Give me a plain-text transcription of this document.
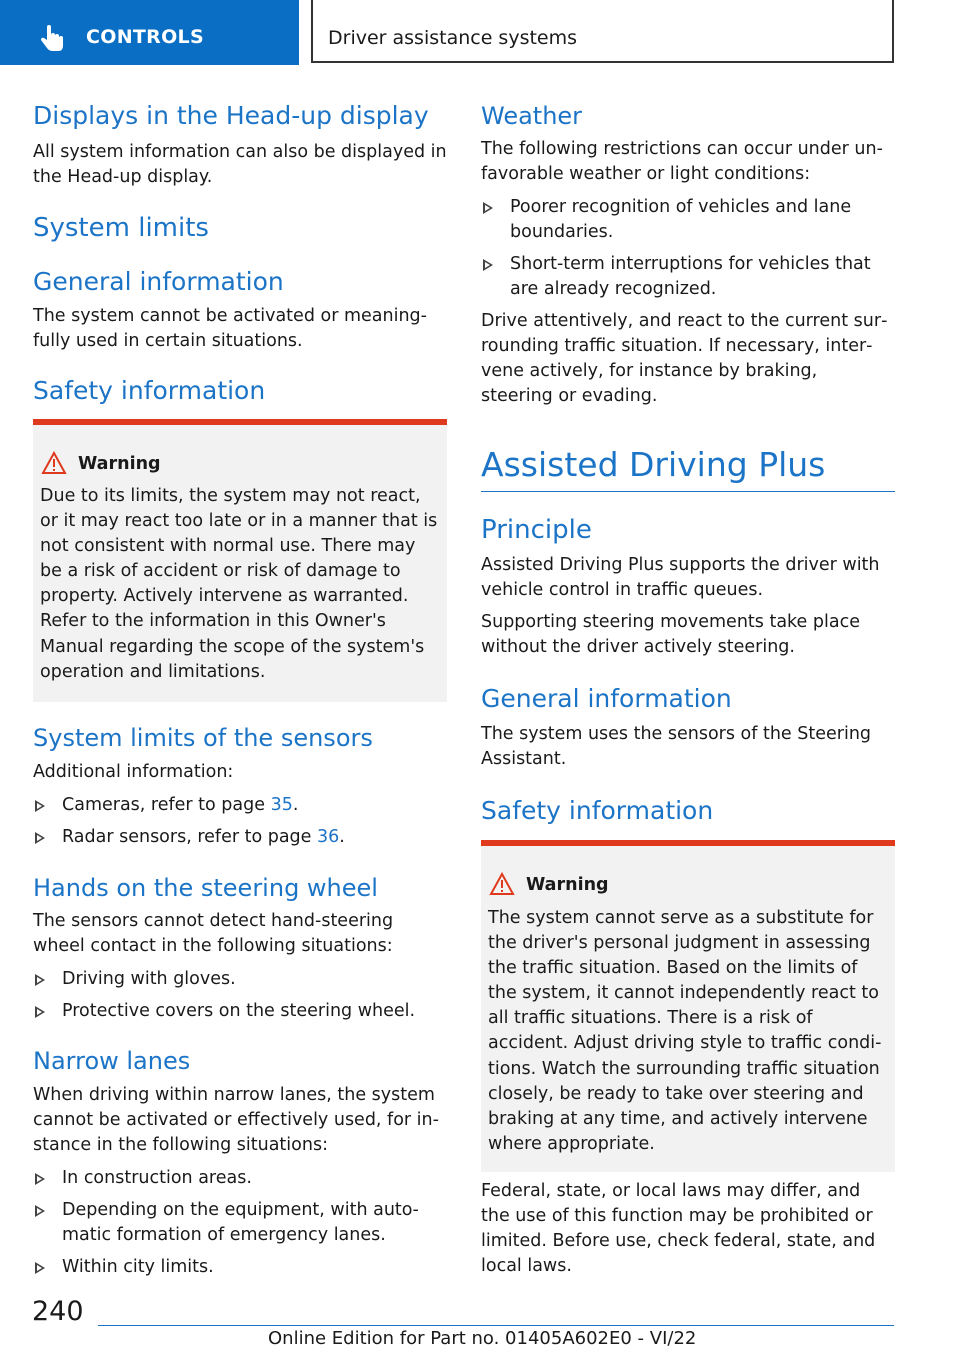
CONTROLS	Driver assistance systems
Displays in the Head-up display
All system information can also be displayed in the Head-up display.
System limits
General information
The system cannot be activated or meaningfully used in certain situations.
Safety information
Warning
Due to its limits, the system may not react, or it may react too late or in a manner that is not consistent with normal use. There may be a risk of accident or risk of damage to property. Actively intervene as warranted. Refer to the information in this Owner's Manual regarding the scope of the system's operation and limitations.
System limits of the sensors
Additional information:
Cameras, refer to page 35.
Radar sensors, refer to page 36.
Hands on the steering wheel
The sensors cannot detect hand-steering wheel contact in the following situations:
Driving with gloves.
Protective covers on the steering wheel.
Narrow lanes
When driving within narrow lanes, the system cannot be activated or effectively used, for instance in the following situations:
In construction areas.
Depending on the equipment, with automatic formation of emergency lanes.
Within city limits.
Weather
The following restrictions can occur under unfavorable weather or light conditions:
Poorer recognition of vehicles and lane boundaries.
Short-term interruptions for vehicles that are already recognized.
Drive attentively, and react to the current surrounding traffic situation. If necessary, intervene actively, for instance by braking, steering or evading.
Assisted Driving Plus
Principle
Assisted Driving Plus supports the driver with vehicle control in traffic queues.
Supporting steering movements take place without the driver actively steering.
General information
The system uses the sensors of the Steering Assistant.
Safety information
Warning
The system cannot serve as a substitute for the driver's personal judgment in assessing the traffic situation. Based on the limits of the system, it cannot independently react to all traffic situations. There is a risk of accident. Adjust driving style to traffic conditions. Watch the surrounding traffic situation closely, be ready to take over steering and braking at any time, and actively intervene where appropriate.
Federal, state, or local laws may differ, and the use of this function may be prohibited or limited. Before use, check federal, state, and local laws.
240
Online Edition for Part no. 01405A602E0 - VI/22
